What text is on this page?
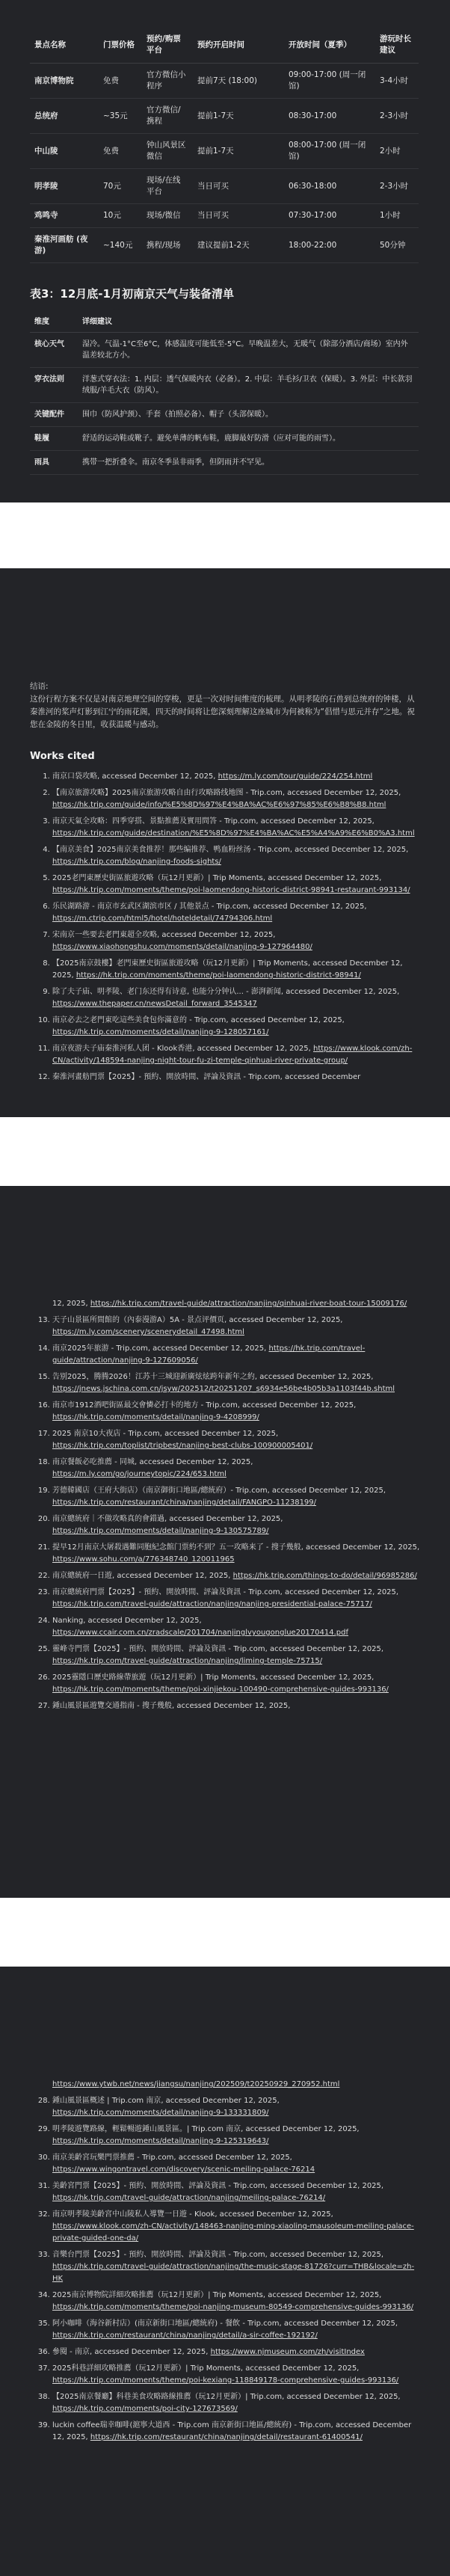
景点名称	门票价格	预约/购票平台	预约开启时间	开放时间（夏季）	游玩时长建议
南京博物院	免费	官方微信小程序	提前7天 (18:00)	09:00-17:00 (周一闭馆)	3-4小时
总统府	~35元	官方微信/携程	提前1-7天	08:30-17:00	2-3小时
中山陵	免费	钟山风景区微信	提前1-7天	08:00-17:00 (周一闭馆)	2小时
明孝陵	70元	现场/在线平台	当日可买	06:30-18:00	2-3小时
鸡鸣寺	10元	现场/微信	当日可买	07:30-17:00	1小时
秦淮河画舫 (夜游)	~140元	携程/现场	建议提前1-2天	18:00-22:00	50分钟
表3：12月底-1月初南京天气与装备清单
维度	详细建议
核心天气	湿冷。气温-1°C至6°C，体感温度可能低至-5°C。早晚温差大，无暖气（除部分酒店/商场）室内外温差较北方小。
穿衣法则	洋葱式穿衣法：1. 内层：透气保暖内衣（必备）。2. 中层：羊毛衫/卫衣（保暖）。3. 外层：中长款羽绒服/羊毛大衣（防风）。
关键配件	围巾（防风护颈）、手套（拍照必备）、帽子（头部保暖）。
鞋履	舒适的运动鞋或靴子。避免单薄的帆布鞋，鹿脚最好防滑（应对可能的雨雪）。
雨具	携带一把折叠伞。南京冬季虽非雨季，但阴雨并不罕见。
结语:
这份行程方案不仅是对南京地理空间的穿梭，更是一次对时间维度的梳理。从明孝陵的石兽到总统府的钟楼，从秦淮河的桨声灯影到江宁的雨花阁，四天的时间将让您深刻理解这座城市为何被称为“倡惜与思元并存”之地。祝您在金陵的冬日里，收获温暖与感动。
Works cited
1. 南京口袋攻略, accessed December 12, 2025, https://m.ly.com/tour/guide/224/254.html
2. 【南京旅游攻略】2025南京旅游攻略自由行攻略路线地图 - Trip.com, accessed December 12, 2025, https://hk.trip.com/guide/info/%E5%8D%97%E4%BA%AC%E6%97%85%E6%B8%B8.html
3. 南京天氣全攻略：四季穿搭、景點推薦及實用問答 - Trip.com, accessed December 12, 2025, https://hk.trip.com/guide/destination/%E5%8D%97%E4%BA%AC%E5%A4%A9%E6%B0%A3.html
4. 【南京美食】2025南京美食推荐！那些编推荐、鸭血粉丝汤 - Trip.com, accessed December 12, 2025, https://hk.trip.com/blog/nanjing-foods-sights/
5. 2025老門東歷史街區旅遊攻略（玩12月更新）| Trip Moments, accessed December 12, 2025, https://hk.trip.com/moments/theme/poi-laomendong-historic-district-98941-restaurant-993134/
6. 乐民湖路游 - 南京市玄武区湖滨市区 / 其他景点 - Trip.com, accessed December 12, 2025, https://m.ctrip.com/html5/hotel/hoteldetail/74794306.html
7. 宋南京一些要去老門東超全攻略, accessed December 12, 2025, https://www.xiaohongshu.com/moments/detail/nanjing-9-127964480/
8. 【2025南京鼓樓】老門東歷史街區旅遊攻略（玩12月更新）| Trip Moments, accessed December 12, 2025, https://hk.trip.com/moments/theme/poi-laomendong-historic-district-98941/
9. 除了夫子庙、明孝陵、老门东还得有诗意, 也能分分钟认... - 澎湃新闻, accessed December 12, 2025, https://www.thepaper.cn/newsDetail_forward_3545347
10. 南京必去之老門東吃這些美食包你滿意的 - Trip.com, accessed December 12, 2025, https://hk.trip.com/moments/detail/nanjing-9-128057161/
11. 南京夜游夫子庙秦淮河私人团 - Klook香港, accessed December 12, 2025, https://www.klook.com/zh-CN/activity/148594-nanjing-night-tour-fu-zi-temple-qinhuai-river-private-group/
12. 秦淮河畫舫門票【2025】- 預約、開放時間、評論及資訊 - Trip.com, accessed December
12, 2025, https://hk.trip.com/travel-guide/attraction/nanjing/qinhuai-river-boat-tour-15009176/
13. 天子山景區所間館的（內泰漫游A）5A - 景点评價页, accessed December 12, 2025, https://m.ly.com/scenery/scenerydetail_47498.html
14. 南京2025年旅游 - Trip.com, accessed December 12, 2025, https://hk.trip.com/travel-guide/attraction/nanjing-9-127609056/
15. 告别2025，腾腾2026！江苏十三城迎新廣炫炫跨年新年之約, accessed December 12, 2025, https://jnews.jschina.com.cn/jsyw/202512/t20251207_s6934e56be4b05b3a1103f44b.shtml
16. 南京市1912酒吧街區最交會憐必打卡的地方 - Trip.com, accessed December 12, 2025, https://hk.trip.com/moments/detail/nanjing-9-4208999/
17. 2025 南京10大夜店 - Trip.com, accessed December 12, 2025, https://hk.trip.com/toplist/tripbest/nanjing-best-clubs-100900005401/
18. 南京餐飯必吃推薦 - 同城, accessed December 12, 2025, https://m.ly.com/go/journeytopic/224/653.html
19. 芳德韓國店（王府大街店）（南京御街口地區/總統府）- Trip.com, accessed December 12, 2025, https://hk.trip.com/restaurant/china/nanjing/detail/FANGPO-11238199/
20. 南京總統府｜不做攻略真的會錯過, accessed December 12, 2025, https://hk.trip.com/moments/detail/nanjing-9-130575789/
21. 提早12月南京大屠殺遇難同胞紀念館门票約不到？五一攻略来了 - 搜子幾般, accessed December 12, 2025, https://www.sohu.com/a/776348740_120011965
22. 南京總統府一日遊, accessed December 12, 2025, https://hk.trip.com/things-to-do/detail/96985286/
23. 南京總統府門票【2025】- 預約、開放時間、評論及資訊 - Trip.com, accessed December 12, 2025, https://hk.trip.com/travel-guide/attraction/nanjing/nanjing-presidential-palace-75717/
24. Nanking, accessed December 12, 2025, https://www.ccair.com.cn/zradscale/201704/nanjinglvyougonglue20170414.pdf
25. 靈峰寺門票【2025】- 預約、開放時間、評論及資訊 - Trip.com, accessed December 12, 2025, https://hk.trip.com/travel-guide/attraction/nanjing/liming-temple-75715/
26. 2025靈隱口歷史路線帶旅遊（玩12月更新）| Trip Moments, accessed December 12, 2025, https://hk.trip.com/moments/theme/poi-xinjiekou-100490-comprehensive-guides-993136/
27. 鍾山風景區遊覽交通指南 - 搜子幾般, accessed December 12, 2025,
https://www.ytwb.net/news/jiangsu/nanjing/202509/t20250929_270952.html
28. 鍾山風景區概述 | Trip.com 南京, accessed December 12, 2025, https://hk.trip.com/moments/detail/nanjing-9-133331809/
29. 明孝陵遊覽路線，輕鬆暢遊鍾山風景區。| Trip.com 南京, accessed December 12, 2025, https://hk.trip.com/moments/detail/nanjing-9-125319643/
30. 南京美齡宮玩樂門票推薦 - Trip.com, accessed December 12, 2025, https://www.wingontravel.com/discovery/scenic-meiling-palace-76214
31. 美齡宮門票【2025】- 預約、開放時間、評論及資訊 - Trip.com, accessed December 12, 2025, https://hk.trip.com/travel-guide/attraction/nanjing/meiling-palace-76214/
32. 南京明孝陵美齡宮中山陵私人導覽一日遊 - Klook, accessed December 12, 2025, https://www.klook.com/zh-CN/activity/148463-nanjing-ming-xiaoling-mausoleum-meiling-palace-private-guided-one-da/
33. 音樂台門票【2025】- 預約、開放時間、評論及資訊 - Trip.com, accessed December 12, 2025, https://hk.trip.com/travel-guide/attraction/nanjing/the-music-stage-81726?curr=THB&locale=zh-HK
34. 2025南京博物院詳細攻略推薦（玩12月更新）| Trip Moments, accessed December 12, 2025, https://hk.trip.com/moments/theme/poi-nanjing-museum-80549-comprehensive-guides-993136/
35. 阿小咖啡（海谷新村店）(南京新街口地區/總統府) - 餐飲 - Trip.com, accessed December 12, 2025, https://hk.trip.com/restaurant/china/nanjing/detail/a-sir-coffee-192192/
36. 參閱 - 南京, accessed December 12, 2025, https://www.njmuseum.com/zh/visitIndex
37. 2025科巷詳細攻略推薦（玩12月更新）| Trip Moments, accessed December 12, 2025, https://hk.trip.com/moments/theme/poi-kexiang-118849178-comprehensive-guides-993136/
38. 【2025南京餐廳】科巷美食攻略路線推薦（玩12月更新）| Trip.com, accessed December 12, 2025, https://hk.trip.com/moments/poi-city-127673569/
39. luckin coffee瑞幸咖啡(滬寧大道西 - Trip.com 南京新街口地區/總統府) - Trip.com, accessed December 12, 2025, https://hk.trip.com/restaurant/china/nanjing/detail/restaurant-61400541/
